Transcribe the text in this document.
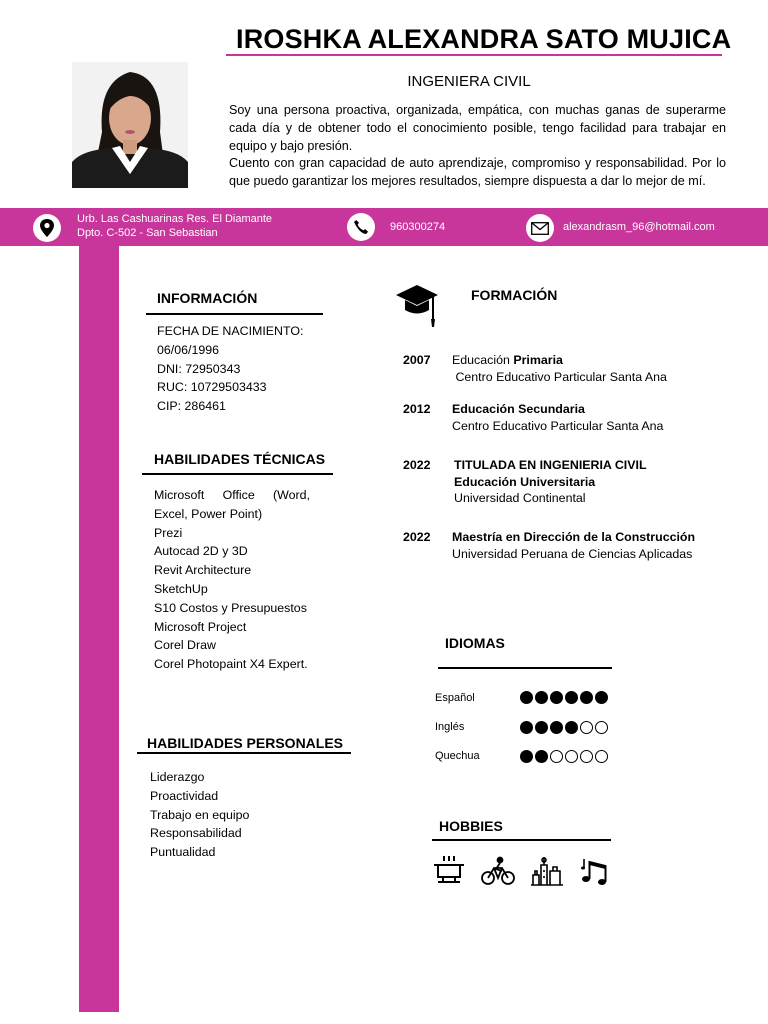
IROSHKA ALEXANDRA SATO MUJICA
INGENIERA CIVIL

Soy una persona proactiva, organizada, empática, con muchas ganas de superarme cada día y de obtener todo el conocimiento posible, tengo facilidad para trabajar en equipo y bajo presión.

Cuento con gran capacidad de auto aprendizaje, compromiso y responsabilidad. Por lo que puedo garantizar los mejores resultados, siempre dispuesta a dar lo mejor de mí.

Urb. Las Cashuarinas Res. El Diamante
Dpto. C-502 - San Sebastian	960300274	alexandrasm_96@hotmail.com
INFORMACIÓN
FECHA DE NACIMIENTO:
06/06/1996
DNI: 72950343
RUC: 10729503433
CIP: 286461
HABILIDADES TÉCNICAS
Microsoft Office (Word, Excel, Power Point)
Prezi
Autocad 2D y 3D
Revit Architecture
SketchUp
S10 Costos y Presupuestos
Microsoft Project
Corel Draw
Corel Photopaint X4 Expert.
HABILIDADES PERSONALES
Liderazgo
Proactividad
Trabajo en equipo
Responsabilidad
Puntualidad
FORMACIÓN
2007 Educación Primaria
Centro Educativo Particular Santa Ana
2012 Educación Secundaria
Centro Educativo Particular Santa Ana
2022 TITULADA EN INGENIERIA CIVIL
Educación Universitaria
Universidad Continental
2022 Maestría en Dirección de la Construcción
Universidad Peruana de Ciencias Aplicadas
IDIOMAS
Español
Inglés
Quechua
HOBBIES
